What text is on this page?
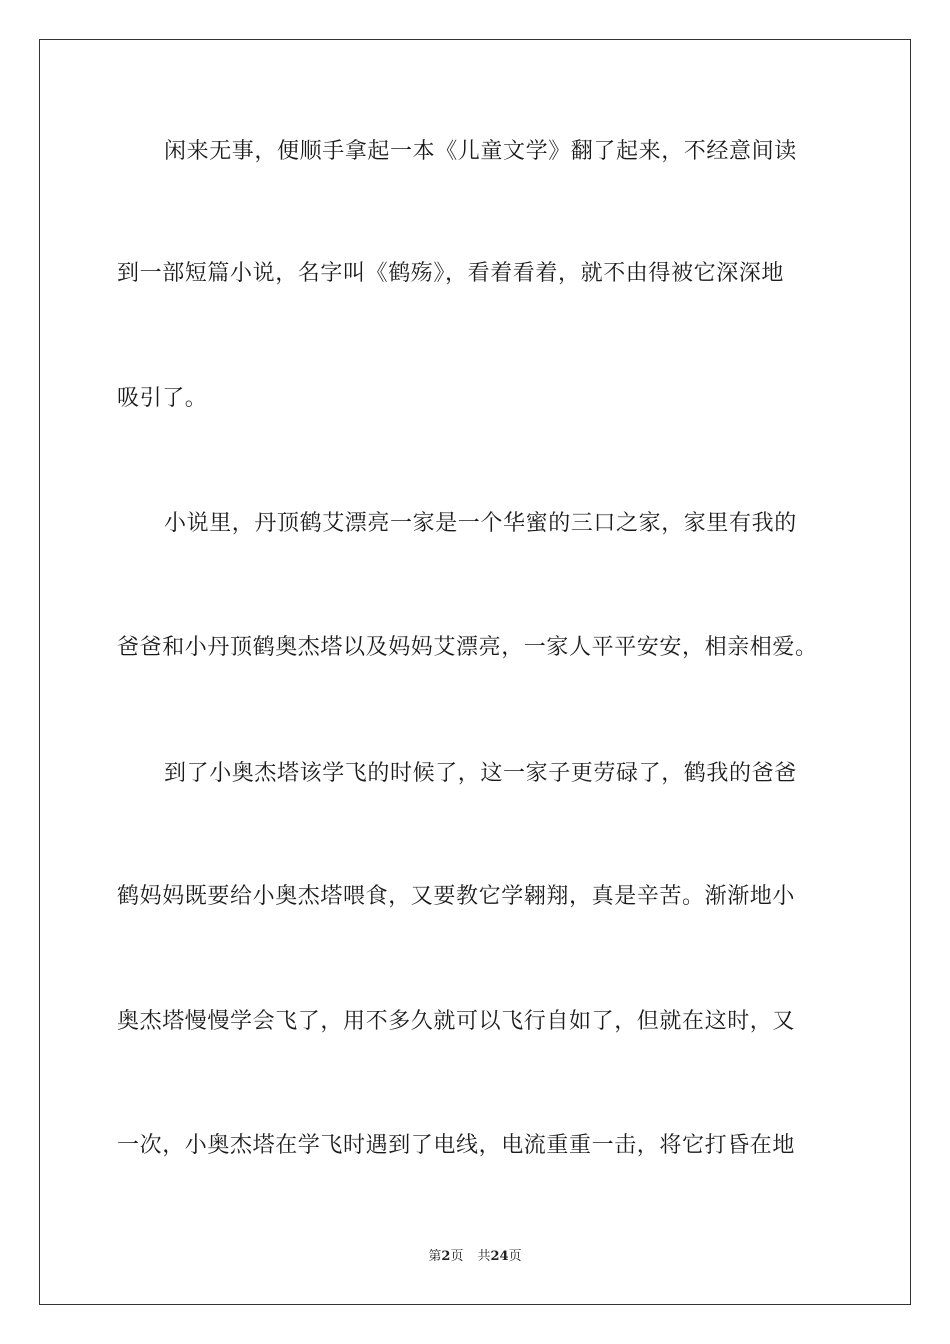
闲来无事，便顺手拿起一本《儿童文学》翻了起来，不经意间读
到一部短篇小说，名字叫《鹤殇》，看着看着，就不由得被它深深地
吸引了。
小说里，丹顶鹤艾漂亮一家是一个华蜜的三口之家，家里有我的
爸爸和小丹顶鹤奥杰塔以及妈妈艾漂亮，一家人平平安安，相亲相爱。
到了小奥杰塔该学飞的时候了，这一家子更劳碌了，鹤我的爸爸
鹤妈妈既要给小奥杰塔喂食，又要教它学翱翔，真是辛苦。渐渐地小
奥杰塔慢慢学会飞了，用不多久就可以飞行自如了，但就在这时，又
一次，小奥杰塔在学飞时遇到了电线，电流重重一击，将它打昏在地
第2页 共24页
